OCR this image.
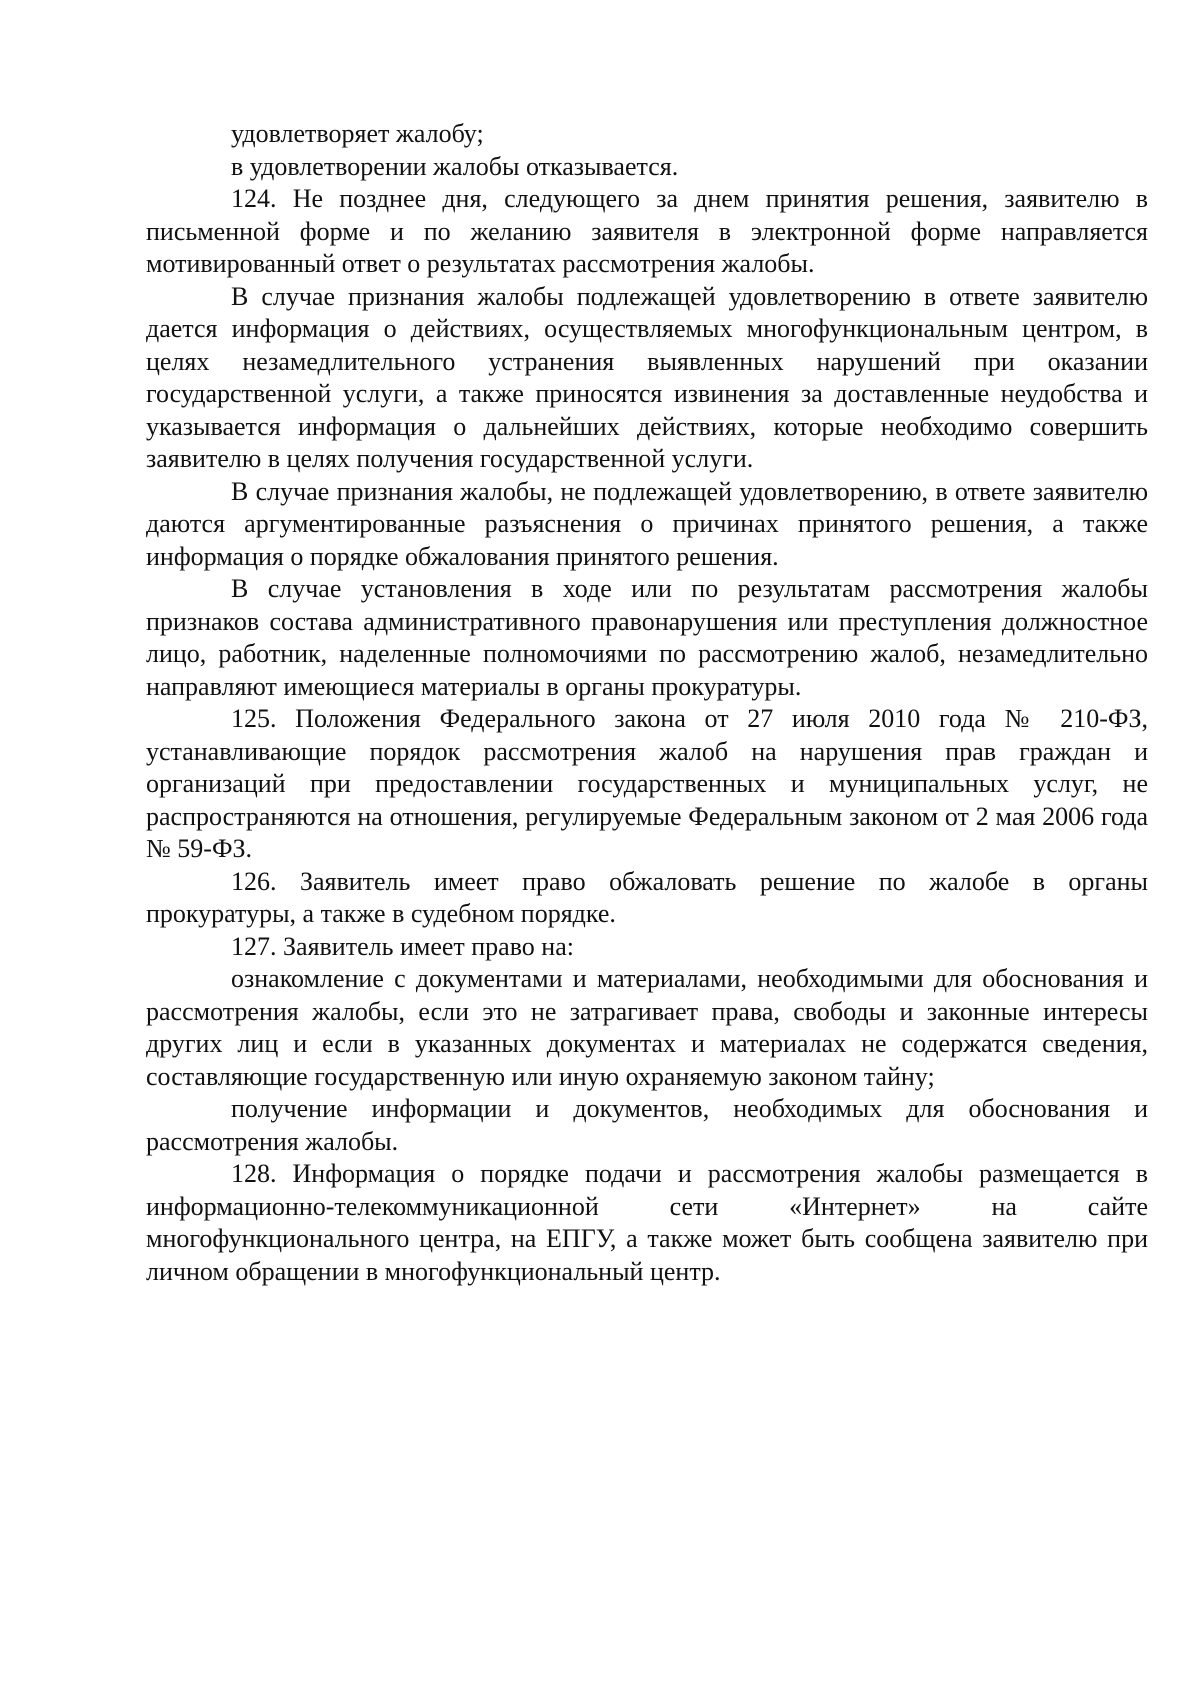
удовлетворяет жалобу;

в удовлетворении жалобы отказывается.

124. Не позднее дня, следующего за днем принятия решения, заявителю в письменной форме и по желанию заявителя в электронной форме направляется мотивированный ответ о результатах рассмотрения жалобы.

В случае признания жалобы подлежащей удовлетворению в ответе заявителю дается информация о действиях, осуществляемых многофункциональным центром, в целях незамедлительного устранения выявленных нарушений при оказании государственной услуги, а также приносятся извинения за доставленные неудобства и указывается информация о дальнейших действиях, которые необходимо совершить заявителю в целях получения государственной услуги.

В случае признания жалобы, не подлежащей удовлетворению, в ответе заявителю даются аргументированные разъяснения о причинах принятого решения, а также информация о порядке обжалования принятого решения.

В случае установления в ходе или по результатам рассмотрения жалобы признаков состава административного правонарушения или преступления должностное лицо, работник, наделенные полномочиями по рассмотрению жалоб, незамедлительно направляют имеющиеся материалы в органы прокуратуры.

125. Положения Федерального закона от 27 июля 2010 года № 210-ФЗ, устанавливающие порядок рассмотрения жалоб на нарушения прав граждан и организаций при предоставлении государственных и муниципальных услуг, не распространяются на отношения, регулируемые Федеральным законом от 2 мая 2006 года № 59-ФЗ.

126. Заявитель имеет право обжаловать решение по жалобе в органы прокуратуры, а также в судебном порядке.

127. Заявитель имеет право на:

ознакомление с документами и материалами, необходимыми для обоснования и рассмотрения жалобы, если это не затрагивает права, свободы и законные интересы других лиц и если в указанных документах и материалах не содержатся сведения, составляющие государственную или иную охраняемую законом тайну;

получение информации и документов, необходимых для обоснования и рассмотрения жалобы.

128. Информация о порядке подачи и рассмотрения жалобы размещается в информационно-телекоммуникационной сети «Интернет» на сайте многофункционального центра, на ЕПГУ, а также может быть сообщена заявителю при личном обращении в многофункциональный центр.
